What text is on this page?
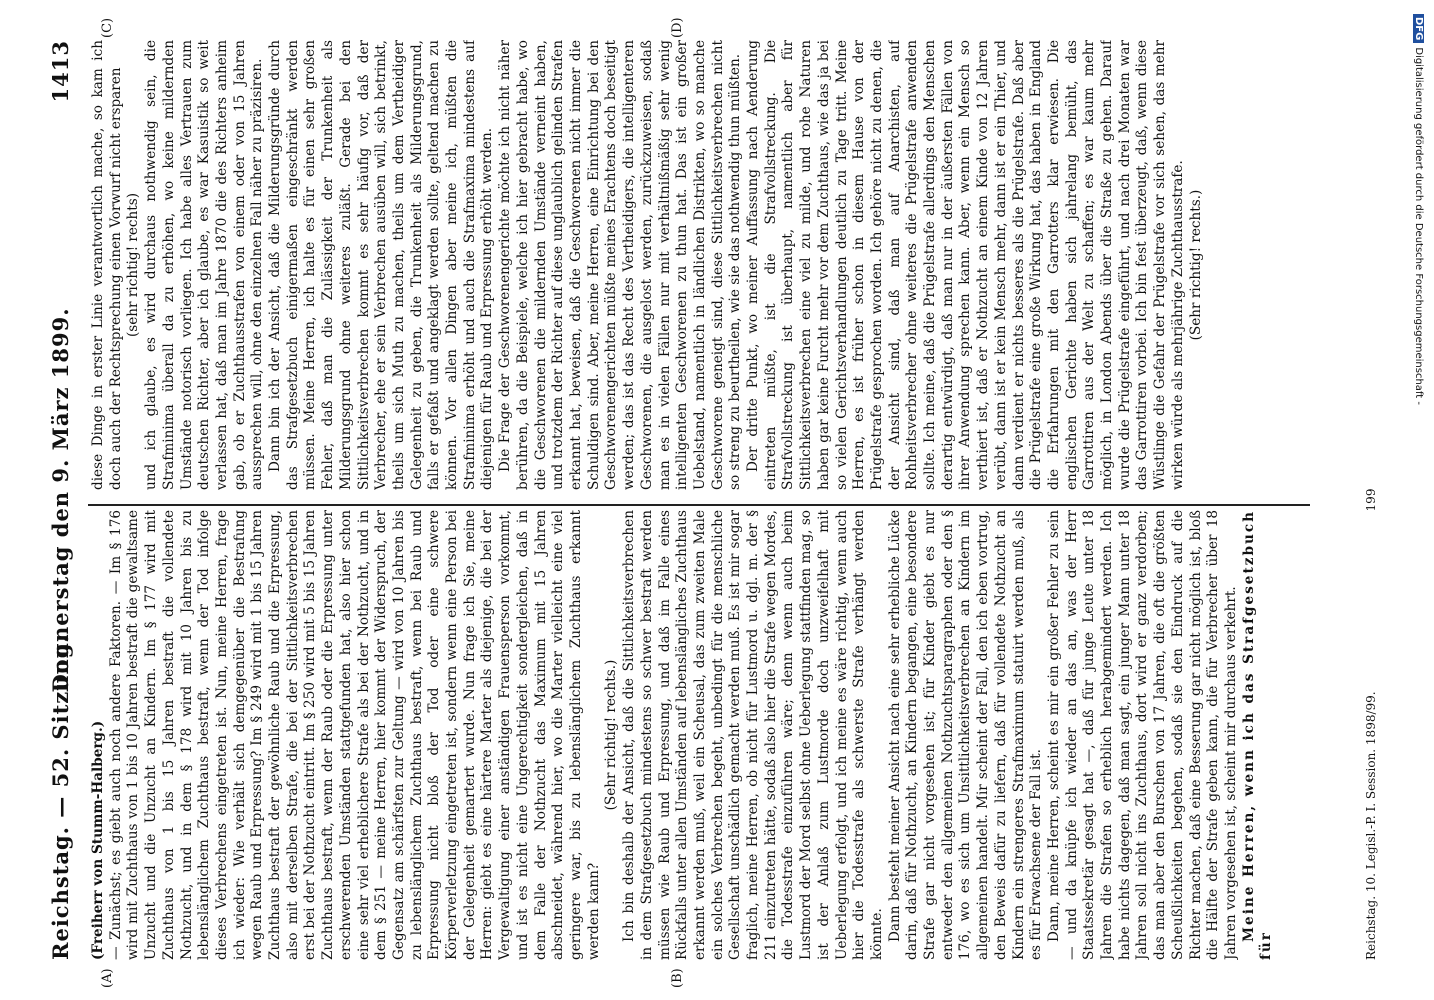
Reichstag. — 52. Sitzung.
Donnerstag den 9. März 1899.
1413
(A)	(B)
(C)	(D)

(Freiherr von Stumm-Halberg.) — Zunächst; es giebt auch noch andere Faktoren. — Im § 176 wird mit Zuchthaus von 1 bis 10 Jahren bestraft die gewaltsame Unzucht und die Unzucht an Kindern. Im § 177 wird mit Zuchthaus von 1 bis 15 Jahren bestraft die vollendete Nothzucht, und in dem § 178 wird mit 10 Jahren bis zu lebenslänglichem Zuchthaus bestraft, wenn der Tod infolge dieses Verbrechens eingetreten ist. Nun, meine Herren, frage ich wieder: Wie verhält sich demgegenüber die Bestrafung wegen Raub und Erpressung? Im § 249 wird mit 1 bis 15 Jahren Zuchthaus bestraft der gewöhnliche Raub und die Erpressung, also mit derselben Strafe, die bei der Sittlichkeitsverbrechen erst bei der Nothzucht eintritt. Im § 250 wird mit 5 bis 15 Jahren Zuchthaus bestraft, wenn der Raub oder die Erpressung unter erschwerenden Umständen stattgefunden hat, also hier schon eine sehr viel erheblichere Strafe als bei der Nothzucht, und in dem § 251 — meine Herren, hier kommt der Widerspruch, der Gegensatz am schärfsten zur Geltung — wird von 10 Jahren bis zu lebenslänglichem Zuchthaus bestraft, wenn bei Raub und Erpressung nicht bloß der Tod oder eine schwere Körperverletzung eingetreten ist, sondern wenn eine Person bei der Gelegenheit gemartert wurde. Nun frage ich Sie, meine Herren: giebt es eine härtere Marter als diejenige, die bei der Vergewaltigung einer anständigen Frauensperson vorkommt, und ist es nicht eine Ungerechtigkeit sondergleichen, daß in dem Falle der Nothzucht das Maximum mit 15 Jahren abschneidet, während hier, wo die Marter vielleicht eine viel geringere war, bis zu lebenslänglichem Zuchthaus erkannt werden kann?

(Sehr richtig! rechts.) Ich bin deshalb der Ansicht, daß die Sittlichkeitsverbrechen in dem Strafgesetzbuch mindestens so schwer bestraft werden müssen wie Raub und Erpressung, und daß im Falle eines Rückfalls unter allen Umständen auf lebenslängliches Zuchthaus erkannt werden muß, weil ein Scheusal, das zum zweiten Male ein solches Verbrechen begeht, unbedingt für die menschliche Gesellschaft unschädlich gemacht werden muß. Es ist mir sogar fraglich, meine Herren, ob nicht für Lustmord u. dgl. m. der § 211 einzutreten hätte, sodaß also hier die Strafe wegen Mordes, die Todesstrafe einzuführen wäre; denn wenn auch beim Lustmord der Mord selbst ohne Ueberlegung stattfinden mag, so ist der Anlaß zum Lustmorde doch unzweifelhaft mit Ueberlegung erfolgt, und ich meine es wäre richtig, wenn auch hier die Todesstrafe als schwerste Strafe verhängt werden könnte. Dann besteht meiner Ansicht nach eine sehr erhebliche Lücke darin, daß für Nothzucht, an Kindern begangen, eine besondere Strafe gar nicht vorgesehen ist; für Kinder giebt es nur entweder den allgemeinen Nothzuchtsparagraphen oder den § 176, wo es sich um Unsittlichkeitsverbrechen an Kindern im allgemeinen handelt. Mir scheint der Fall, den ich eben vortrug, den Beweis dafür zu liefern, daß für vollendete Nothzucht an Kindern ein strengeres Strafmaximum statuirt werden muß, als es für Erwachsene der Fall ist. Dann, meine Herren, scheint es mir ein großer Fehler zu sein — und da knüpfe ich wieder an das an, was der Herr Staatssekretär gesagt hat —, daß für junge Leute unter 18 Jahren die Strafen so erheblich herabgemindert werden. Ich habe nichts dagegen, daß man sagt, ein junger Mann unter 18 Jahren soll nicht ins Zuchthaus, dort wird er ganz verdorben; das man aber den Burschen von 17 Jahren, die oft die größten Scheußlichkeiten begehen, sodaß sie den Eindruck auf die Richter machen, daß eine Besserung gar nicht möglich ist, bloß die Hälfte der Strafe geben kann, die für Verbrecher über 18 Jahren vorgesehen ist, scheint mir durchaus verkehrt. Meine Herren, wenn ich das Strafgesetzbuch für

diese Dinge in erster Linie verantwortlich mache, so kam ich doch auch der Rechtsprechung einen Vorwurf nicht ersparen (sehr richtig! rechts) und ich glaube, es wird durchaus nothwendig sein, die Strafminima überall da zu erhöhen, wo keine mildernden Umstände notorisch vorliegen. Ich habe alles Vertrauen zum deutschen Richter, aber ich glaube, es war Kasuistik so weit verlassen hat, daß man im Jahre 1870 die des Richters anheim gab, ob er Zuchthausstrafen von einem oder von 15 Jahren aussprechen will, ohne den einzelnen Fall näher zu präzisiren. Dann bin ich der Ansicht, daß die Milderungsgründe durch das Strafgesetzbuch einigermaßen eingeschränkt werden müssen. Meine Herren, ich halte es für einen sehr großen Fehler, daß man die Zulässigkeit der Trunkenheit als Milderungsgrund ohne weiteres zuläßt. Gerade bei den Sittlichkeitsverbrechen kommt es sehr häufig vor, daß der Verbrecher, ehe er sein Verbrechen ausüben will, sich betrinkt, theils um sich Muth zu machen, theils um dem Vertheidiger Gelegenheit zu geben, die Trunkenheit als Milderungsgrund, falls er gefaßt und angeklagt werden sollte, geltend machen zu können. Vor allen Dingen aber meine ich, müßten die Strafminima erhöht und auch die Strafmaxima mindestens auf diejenigen für Raub und Erpressung erhöht werden. Die Frage der Geschworenengerichte möchte ich nicht näher berühren, da die Beispiele, welche ich hier gebracht habe, wo die Geschworenen die mildernden Umstände verneint haben, und trotzdem der Richter auf diese unglaublich gelinden Strafen erkannt hat, beweisen, daß die Geschworenen nicht immer die Schuldigen sind. Aber, meine Herren, eine Einrichtung bei den Geschworenengerichten müßte meines Erachtens doch beseitigt werden; das ist das Recht des Vertheidigers, die intelligenteren Geschworenen, die ausgelost werden, zurückzuweisen, sodaß man es in vielen Fällen nur mit verhältnißmäßig sehr wenig intelligenten Geschworenen zu thun hat. Das ist ein großer Uebelstand, namentlich in ländlichen Distrikten, wo so manche Geschworene geneigt sind, diese Sittlichkeitsverbrechen nicht so streng zu beurtheilen, wie sie das nothwendig thun müßten. Der dritte Punkt, wo meiner Auffassung nach Aenderung eintreten müßte, ist die Strafvollstreckung. Die Strafvollstreckung ist überhaupt, namentlich aber für Sittlichkeitsverbrechen eine viel zu milde, und rohe Naturen haben gar keine Furcht mehr vor dem Zuchthaus, wie das ja bei so vielen Gerichtsverhandlungen deutlich zu Tage tritt. Meine Herren, es ist früher schon in diesem Hause von der Prügelstrafe gesprochen worden. Ich gehöre nicht zu denen, die der Ansicht sind, daß man auf Anarchisten, auf Rohheitsverbrecher ohne weiteres die Prügelstrafe anwenden sollte. Ich meine, daß die Prügelstrafe allerdings den Menschen derartig entwürdigt, daß man nur in der äußersten Fällen von ihrer Anwendung sprechen kann. Aber, wenn ein Mensch so verthiert ist, daß er Nothzucht an einem Kinde von 12 Jahren verübt, dann ist er kein Mensch mehr, dann ist er ein Thier, und dann verdient er nichts besseres als die Prügelstrafe. Daß aber die Prügelstrafe eine große Wirkung hat, das haben in England die Erfahrungen mit den Garrotters klar erwiesen. Die englischen Gerichte haben sich jahrelang bemüht, das Garrottiren aus der Welt zu schaffen; es war kaum mehr möglich, in London Abends über die Straße zu gehen. Darauf wurde die Prügelstrafe eingeführt, und nach drei Monaten war das Garrottiren vorbei. Ich bin fest überzeugt, daß, wenn diese Wüstlinge die Gefahr der Prügelstrafe vor sich sehen, das mehr wirken würde als mehrjährige Zuchthausstrafe. (Sehr richtig! rechts.)

Reichstag. 10. Legisl.-P. I. Session. 1898/99.
199
DFGDigitalisierung gefördert durch die Deutsche Forschungsgemeinschaft -
